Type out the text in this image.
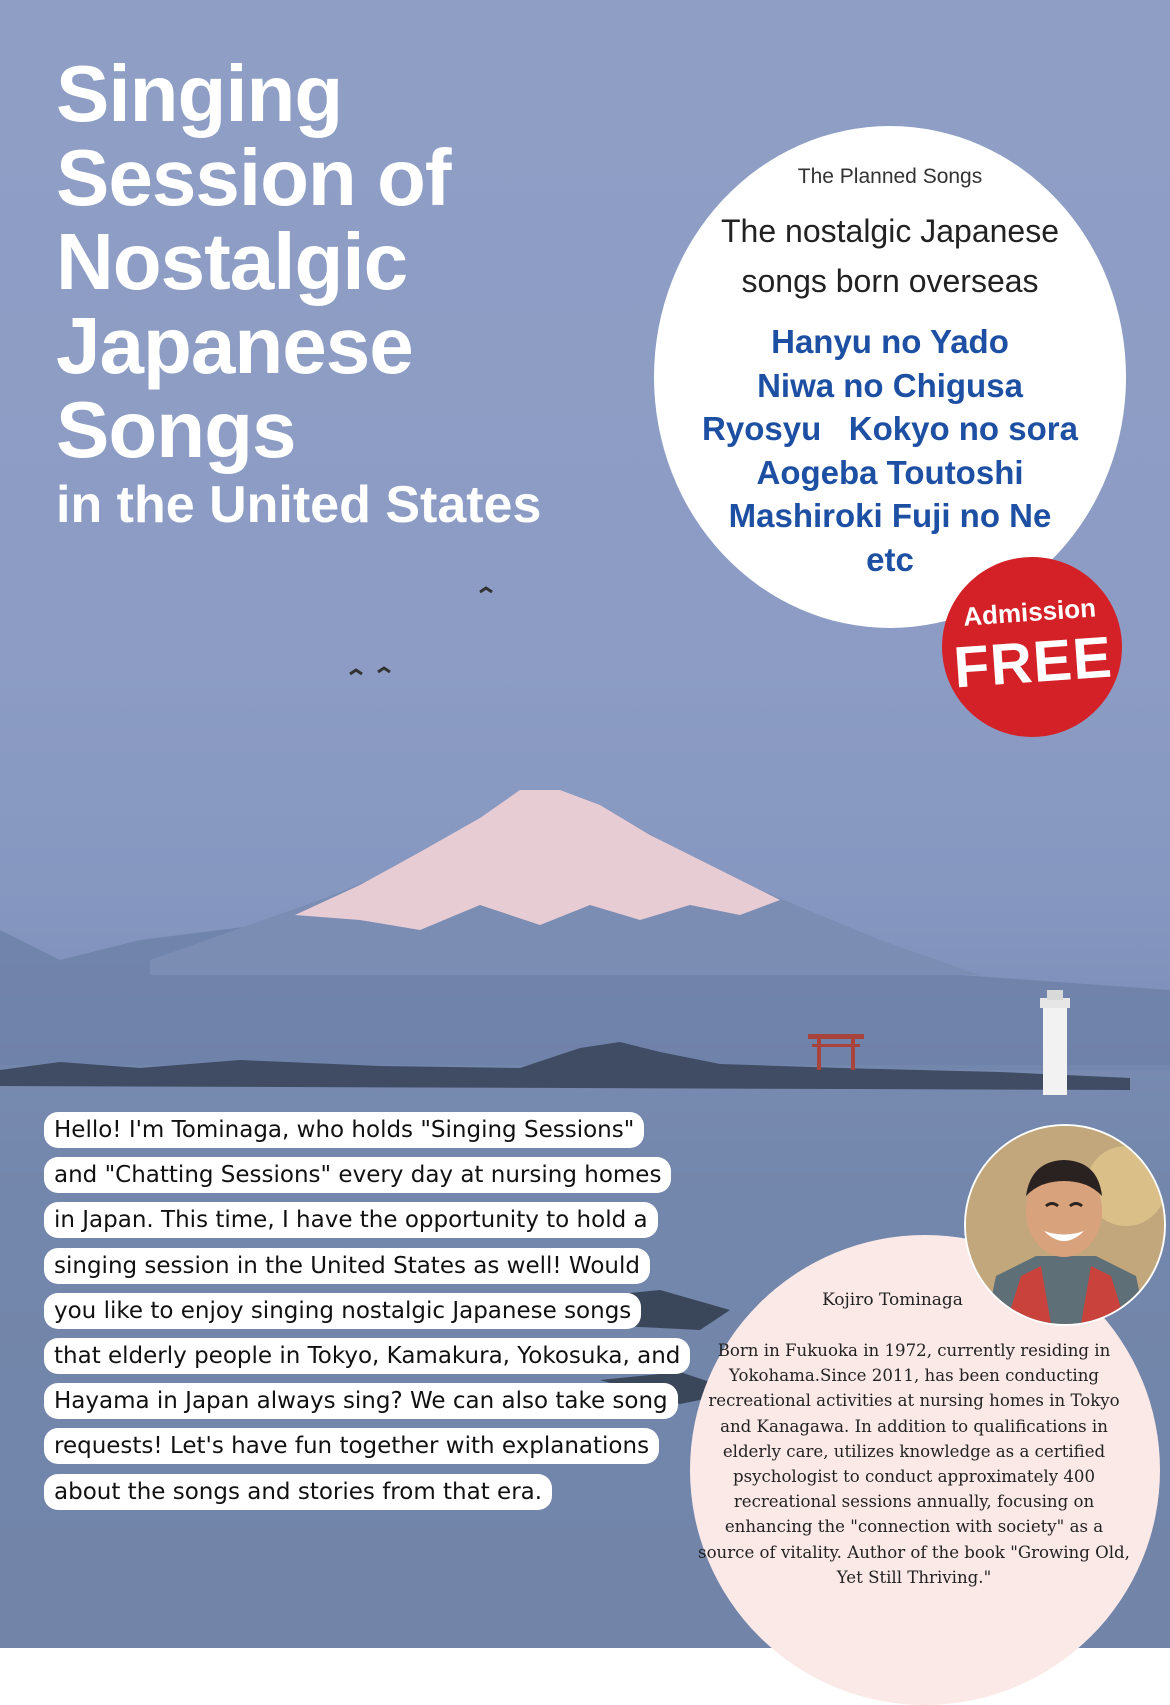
Singing
Session of
Nostalgic
Japanese
Songs
in the United States
The Planned Songs
The nostalgic Japanese songs born overseas
Hanyu no Yado
Niwa no Chigusa
Ryosyu   Kokyo no sora
Aogeba Toutoshi
Mashiroki Fuji no Ne
etc
Admission
FREE

Hello! I'm Tominaga, who holds "Singing Sessions" and "Chatting Sessions" every day at nursing homes in Japan. This time, I have the opportunity to hold a singing session in the United States as well! Would you like to enjoy singing nostalgic Japanese songs that elderly people in Tokyo, Kamakura, Yokosuka, and Hayama in Japan always sing? We can also take song requests! Let's have fun together with explanations about the songs and stories from that era.

Kojiro Tominaga

Born in Fukuoka in 1972, currently residing in Yokohama.Since 2011, has been conducting recreational activities at nursing homes in Tokyo and Kanagawa. In addition to qualifications in elderly care, utilizes knowledge as a certified psychologist to conduct approximately 400 recreational sessions annually, focusing on enhancing the "connection with society" as a source of vitality. Author of the book "Growing Old, Yet Still Thriving."
